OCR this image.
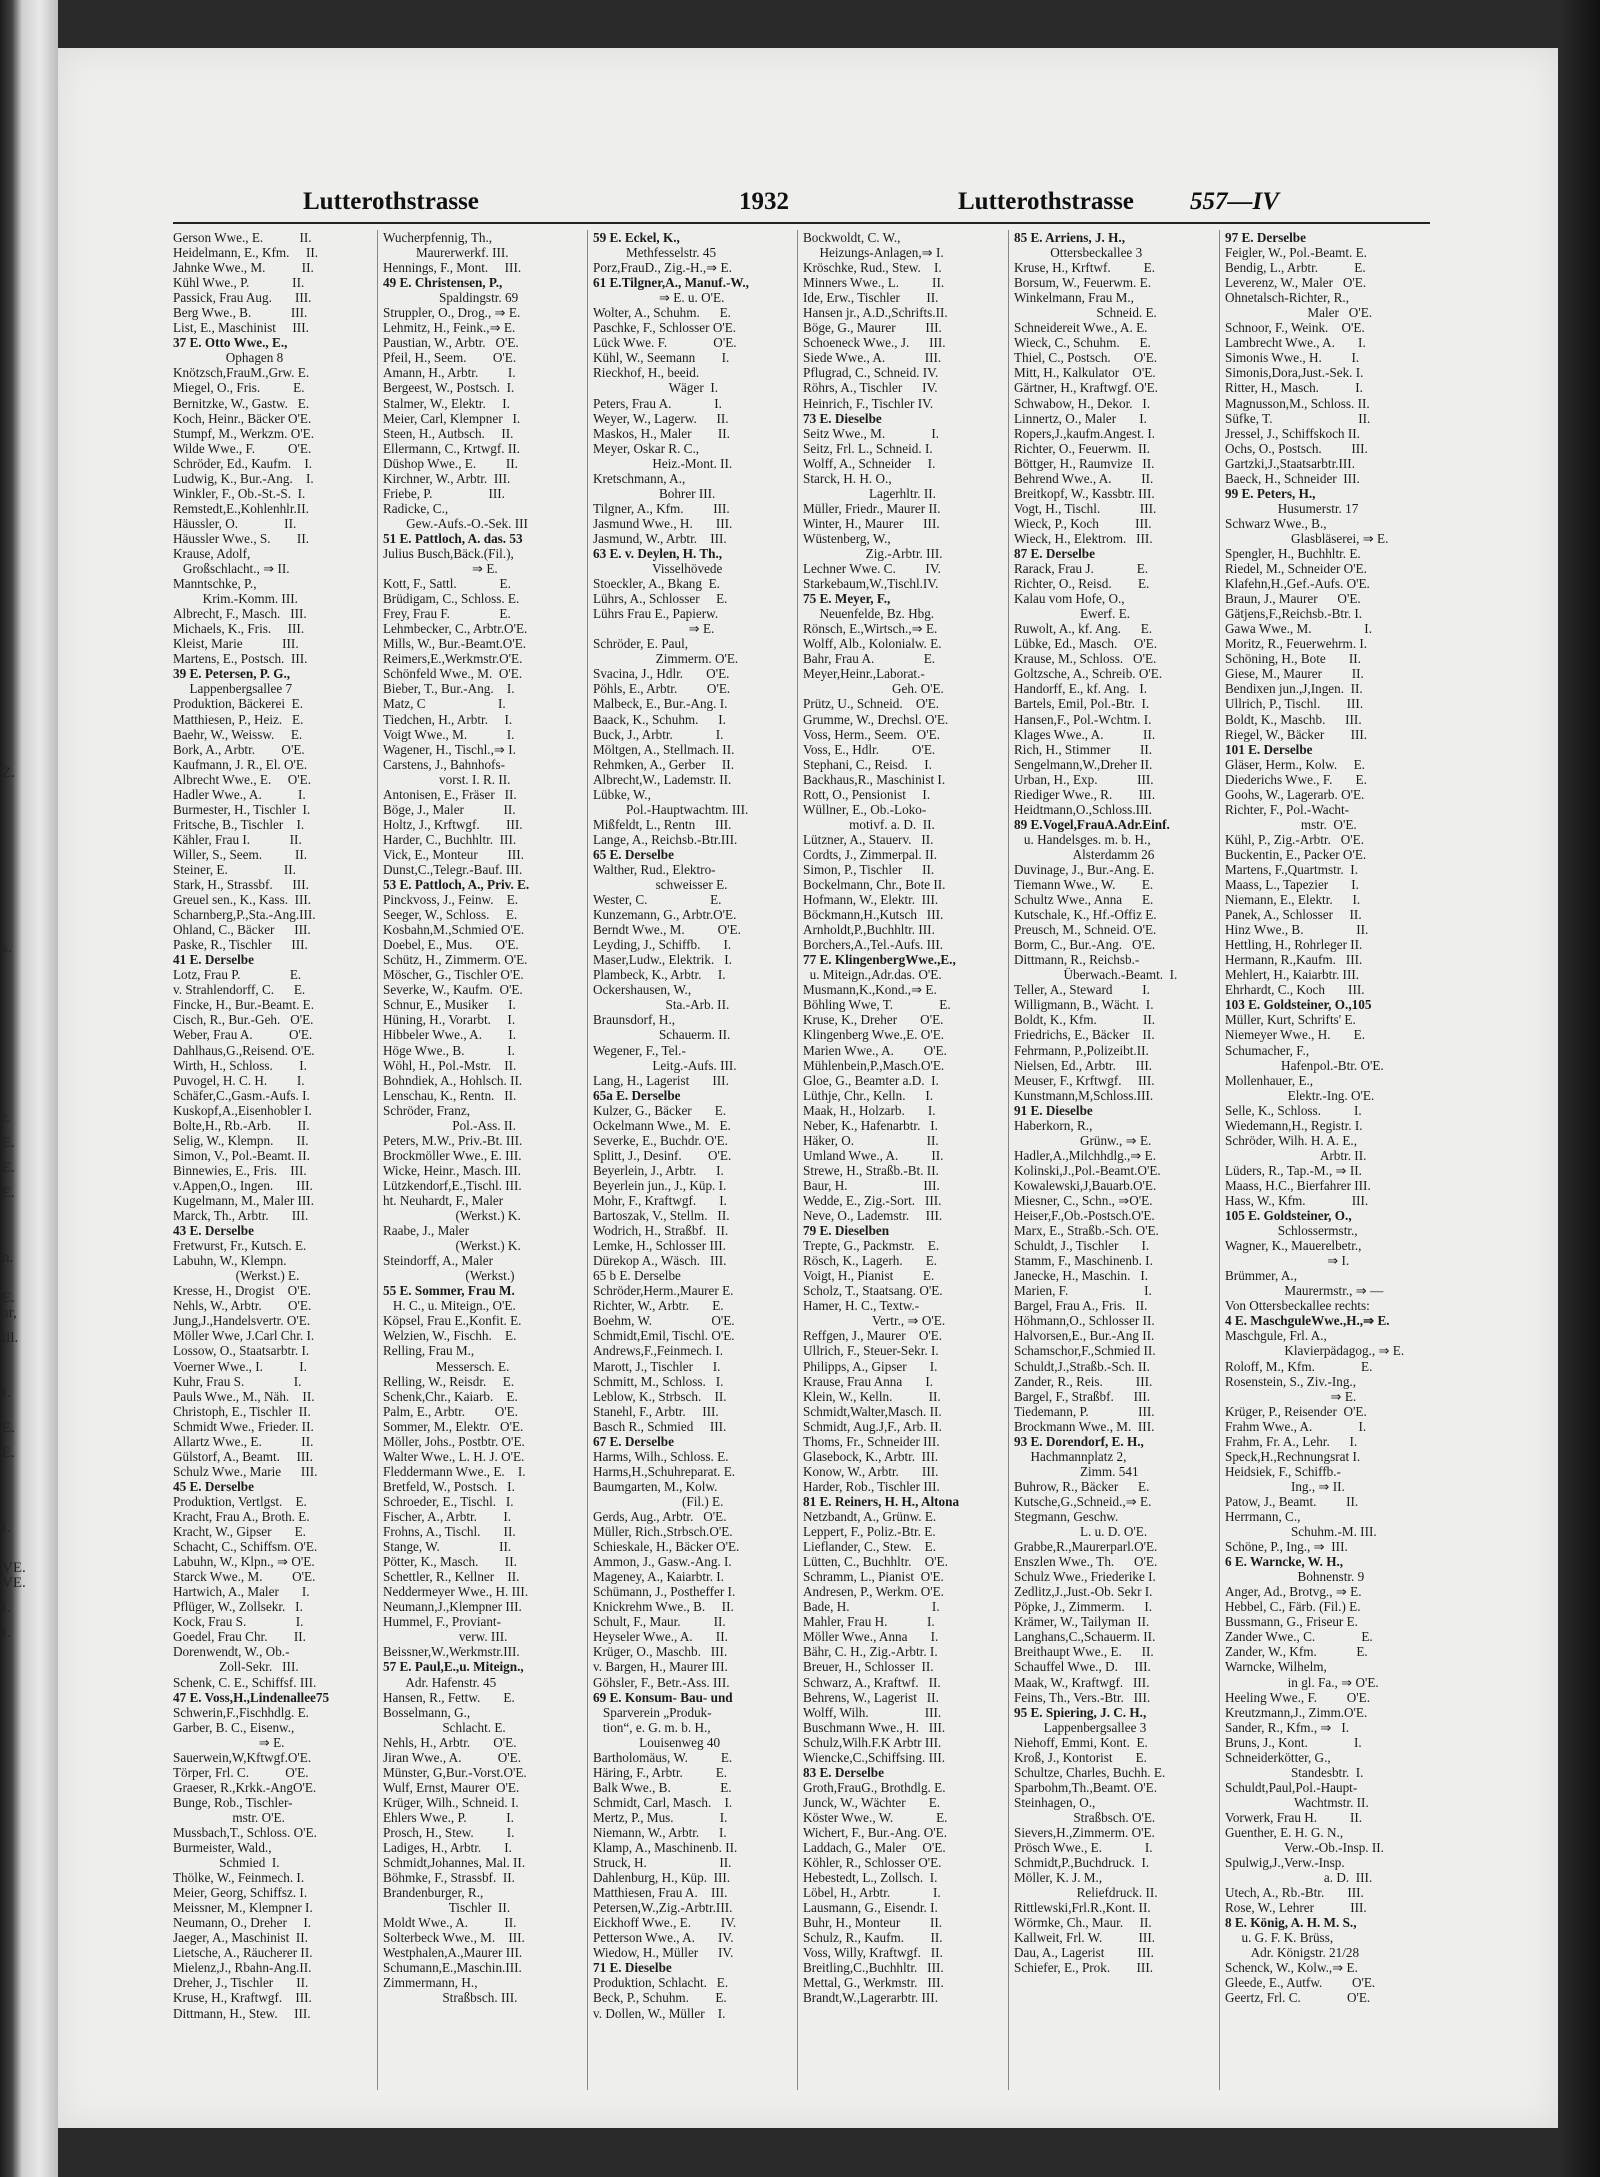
Z.
s.
r.
E.
E.
E.
h.
E.
ar,
ill.
I.
E.
E.
I.
VE.
VE.
I.
I.
Lutterothstrasse	1932	Lutterothstrasse 557—IV
Gerson Wwe., E.           II.
Heidelmann, E., Kfm.     II.
Jahnke Wwe., M.           II.
Kühl Wwe., P.             II.
Passick, Frau Aug.       III.
Berg Wwe., B.            III.
List, E., Maschinist     III.
37 E. Otto Wwe., E.,
Ophagen 8
Knötzsch,FrauM.,Grw. E.
Miegel, O., Fris.          E.
Bernitzke, W., Gastw.   E.
Koch, Heinr., Bäcker O'E.
Stumpf, M., Werkzm. O'E.
Wilde Wwe., F.          O'E.
Schröder, Ed., Kaufm.    I.
Ludwig, K., Bur.-Ang.    I.
Winkler, F., Ob.-St.-S.  I.
Remstedt,E.,Kohlenhlr.II.
Häussler, O.              II.
Häussler Wwe., S.        II.
Krause, Adolf,
Großschlacht., ⇒ II.
Manntschke, P.,
Krim.-Komm. III.
Albrecht, F., Masch.   III.
Michaels, K., Fris.     III.
Kleist, Marie            III.
Martens, E., Postsch.  III.
39 E. Petersen, P. G.,
Lappenbergsallee 7
Produktion, Bäckerei  E.
Matthiesen, P., Heiz.   E.
Baehr, W., Weissw.     E.
Bork, A., Arbtr.        O'E.
Kaufmann, J. R., El. O'E.
Albrecht Wwe., E.     O'E.
Hadler Wwe., A.           I.
Burmester, H., Tischler  I.
Fritsche, B., Tischler    I.
Kähler, Frau I.            II.
Willer, S., Seem.          II.
Steiner, E.                 II.
Stark, H., Strassbf.      III.
Greuel sen., K., Kass.  III.
Scharnberg,P.,Sta.-Ang.III.
Ohland, C., Bäcker      III.
Paske, R., Tischler      III.
41 E. Derselbe
Lotz, Frau P.               E.
v. Strahlendorff, C.      E.
Fincke, H., Bur.-Beamt. E.
Cisch, R., Bur.-Geh.   O'E.
Weber, Frau A.           O'E.
Dahlhaus,G.,Reisend. O'E.
Wirth, H., Schloss.        I.
Puvogel, H. C. H.         I.
Schäfer,C.,Gasm.-Aufs. I.
Kuskopf,A.,Eisenhobler I.
Bolte,H., Rb.-Arb.        II.
Selig, W., Klempn.       II.
Simon, V., Pol.-Beamt. II.
Binnewies, E., Fris.    III.
v.Appen,O., Ingen.       III.
Kugelmann, M., Maler III.
Marck, Th., Arbtr.       III.
43 E. Derselbe
Fretwurst, Fr., Kutsch. E.
Labuhn, W., Klempn.
(Werkst.) E.
Kresse, H., Drogist    O'E.
Nehls, W., Arbtr.        O'E.
Jung,J.,Handelsvertr. O'E.
Möller Wwe, J.Carl Chr. I.
Lossow, O., Staatsarbtr. I.
Voerner Wwe., I.           I.
Kuhr, Frau S.               I.
Pauls Wwe., M., Näh.    II.
Christoph, E., Tischler  II.
Schmidt Wwe., Frieder. II.
Allartz Wwe., E.            II.
Gülstorf, A., Beamt.     III.
Schulz Wwe., Marie      III.
45 E. Derselbe
Produktion, Vertlgst.    E.
Kracht, Frau A., Broth. E.
Kracht, W., Gipser       E.
Schacht, C., Schiffsm. O'E.
Labuhn, W., Klpn., ⇒ O'E.
Starck Wwe., M.         O'E.
Hartwich, A., Maler       I.
Pflüger, W., Zollsekr.   I.
Kock, Frau S.               I.
Goedel, Frau Chr.        II.
Dorenwendt, W., Ob.-
Zoll-Sekr.   III.
Schenk, C. E., Schiffsf. III.
47 E. Voss,H.,Lindenallee75
Schwerin,F.,Fischhdlg. E.
Garber, B. C., Eisenw.,
⇒ E.
Sauerwein,W,Kftwgf.O'E.
Törper, Frl. C.           O'E.
Graeser, R.,Krkk.-AngO'E.
Bunge, Rob., Tischler-
mstr. O'E.
Mussbach,T., Schloss. O'E.
Burmeister, Wald.,
Schmied  I.
Thölke, W., Feinmech. I.
Meier, Georg, Schiffsz. I.
Meissner, M., Klempner I.
Neumann, O., Dreher     I.
Jaeger, A., Maschinist  II.
Lietsche, A., Räucherer II.
Mielenz,J., Rbahn-Ang.II.
Dreher, J., Tischler       II.
Kruse, H., Kraftwgf.    III.
Dittmann, H., Stew.     III.
Wucherpfennig, Th.,
Maurerwerkf. III.
Hennings, F., Mont.     III.
49 E. Christensen, P.,
Spaldingstr. 69
Struppler, O., Drog., ⇒ E.
Lehmitz, H., Feink.,⇒ E.
Paustian, W., Arbtr.   O'E.
Pfeil, H., Seem.        O'E.
Amann, H., Arbtr.         I.
Bergeest, W., Postsch.  I.
Stalmer, W., Elektr.     I.
Meier, Carl, Klempner   I.
Steen, H., Autbsch.     II.
Ellermann, C., Krtwgf. II.
Düshop Wwe., E.         II.
Kirchner, W., Arbtr.  III.
Friebe, P.                 III.
Radicke, C.,
Gew.-Aufs.-O.-Sek. III
51 E. Pattloch, A. das. 53
Julius Busch,Bäck.(Fil.),
⇒ E.
Kott, F., Sattl.             E.
Brüdigam, C., Schloss. E.
Frey, Frau F.               E.
Lehmbecker, C., Arbtr.O'E.
Mills, W., Bur.-Beamt.O'E.
Reimers,E.,Werkmstr.O'E.
Schönfeld Wwe., M.  O'E.
Bieber, T., Bur.-Ang.    I.
Matz, C                      I.
Tiedchen, H., Arbtr.     I.
Voigt Wwe., M.            I.
Wagener, H., Tischl.,⇒ I.
Carstens, J., Bahnhofs-
vorst. I. R. II.
Antonisen, E., Fräser   II.
Böge, J., Maler            II.
Holtz, J., Krftwgf.        III.
Harder, C., Buchhltr.  III.
Vick, E., Monteur         III.
Dunst,C.,Telegr.-Bauf. III.
53 E. Pattloch, A., Priv. E.
Pinckvoss, J., Feinw.    E.
Seeger, W., Schloss.     E.
Kosbahn,M.,Schmied O'E.
Doebel, E., Mus.       O'E.
Schütz, H., Zimmerm. O'E.
Möscher, G., Tischler O'E.
Severke, W., Kaufm.  O'E.
Schnur, E., Musiker      I.
Hüning, H., Vorarbt.     I.
Hibbeler Wwe., A.        I.
Höge Wwe., B.             I.
Wöhl, H., Pol.-Mstr.    II.
Bohndiek, A., Hohlsch. II.
Lenschau, K., Rentn.   II.
Schröder, Franz,
Pol.-Ass. II.
Peters, M.W., Priv.-Bt. III.
Brockmöller Wwe., E. III.
Wicke, Heinr., Masch. III.
Lützkendorf,E.,Tischl. III.
ht. Neuhardt, F., Maler
(Werkst.) K.
Raabe, J., Maler
(Werkst.) K.
Steindorff, A., Maler
(Werkst.)
55 E. Sommer, Frau M.
H. C., u. Miteign., O'E.
Köpsel, Frau E.,Konfit. E.
Welzien, W., Fischh.    E.
Relling, Frau M.,
Messersch. E.
Relling, W., Reisdr.     E.
Schenk,Chr., Kaiarb.    E.
Palm, E., Arbtr.         O'E.
Sommer, M., Elektr.   O'E.
Möller, Johs., Postbtr. O'E.
Walter Wwe., L. H. J. O'E.
Fleddermann Wwe., E.    I.
Bretfeld, W., Postsch.   I.
Schroeder, E., Tischl.   I.
Fischer, A., Arbtr.        I.
Frohns, A., Tischl.       II.
Stange, W.                  II.
Pötter, K., Masch.        II.
Schettler, R., Kellner    II.
Neddermeyer Wwe., H. III.
Neumann,J.,Klempner III.
Hummel, F., Proviant-
verw. III.
Beissner,W.,Werkmstr.III.
57 E. Paul,E.,u. Miteign.,
Adr. Hafenstr. 45
Hansen, R., Fettw.       E.
Bosselmann, G.,
Schlacht. E.
Nehls, H., Arbtr.       O'E.
Jiran Wwe., A.           O'E.
Münster, G,Bur.-Vorst.O'E.
Wulf, Ernst, Maurer  O'E.
Krüger, Wilh., Schneid. I.
Ehlers Wwe., P.            I.
Prosch, H., Stew.          I.
Ladiges, H., Arbtr.       I.
Schmidt,Johannes, Mal. II.
Böhmke, F., Strassbf.  II.
Brandenburger, R.,
Tischler  II.
Moldt Wwe., A.           II.
Solterbeck Wwe., M.    III.
Westphalen,A.,Maurer III.
Schumann,E.,Maschin.III.
Zimmermann, H.,
Straßbsch. III.
59 E. Eckel, K.,
Methfesselstr. 45
Porz,FrauD., Zig.-H.,⇒ E.
61 E.Tilgner,A., Manuf.-W.,
⇒ E. u. O'E.
Wolter, A., Schuhm.      E.
Paschke, F., Schlosser O'E.
Lück Wwe. F.              O'E.
Kühl, W., Seemann        I.
Rieckhof, H., beeid.
Wäger  I.
Peters, Frau A.             I.
Weyer, W., Lagerw.      II.
Maskos, H., Maler        II.
Meyer, Oskar R. C.,
Heiz.-Mont. II.
Kretschmann, A.,
Bohrer III.
Tilgner, A., Kfm.         III.
Jasmund Wwe., H.       III.
Jasmund, W., Arbtr.    III.
63 E. v. Deylen, H. Th.,
Visselhövede
Stoeckler, A., Bkang  E.
Lührs, A., Schlosser     E.
Lührs Frau E., Papierw.
⇒ E.
Schröder, E. Paul,
Zimmerm. O'E.
Svacina, J., Hdlr.       O'E.
Pöhls, E., Arbtr.         O'E.
Malbeck, E., Bur.-Ang. I.
Baack, K., Schuhm.      I.
Buck, J., Arbtr.             I.
Möltgen, A., Stellmach. II.
Rehmken, A., Gerber     II.
Albrecht,W., Lademstr. II.
Lübke, W.,
Pol.-Hauptwachtm. III.
Mißfeldt, L., Rentn      III.
Lange, A., Reichsb.-Btr.III.
65 E. Derselbe
Walther, Rud., Elektro-
schweisser E.
Wester, C.                   E.
Kunzemann, G., Arbtr.O'E.
Berndt Wwe., M.          O'E.
Leyding, J., Schiffb.       I.
Maser,Ludw., Elektrik.   I.
Plambeck, K., Arbtr.     I.
Ockershausen, W.,
Sta.-Arb. II.
Braunsdorf, H.,
Schauerm. II.
Wegener, F., Tel.-
Leitg.-Aufs. III.
Lang, H., Lagerist       III.
65a E. Derselbe
Kulzer, G., Bäcker       E.
Ockelmann Wwe., M.   E.
Severke, E., Buchdr. O'E.
Splitt, J., Desinf.        O'E.
Beyerlein, J., Arbtr.      I.
Beyerlein jun., J., Küp. I.
Mohr, F., Kraftwgf.       I.
Bartoszak, V., Stellm.   II.
Wodrich, H., Straßbf.   II.
Lemke, H., Schlosser III.
Dürekop A., Wäsch.   III.
65 b E. Derselbe
Schröder,Herm.,Maurer E.
Richter, W., Arbtr.       E.
Boehm, W.                  O'E.
Schmidt,Emil, Tischl. O'E.
Andrews,F.,Feinmech. I.
Marott, J., Tischler      I.
Schmitt, M., Schloss.   I.
Leblow, K., Strbsch.    II.
Stanehl, F., Arbtr.     III.
Basch R., Schmied     III.
67 E. Derselbe
Harms, Wilh., Schloss. E.
Harms,H.,Schuhreparat. E.
Baumgarten, M., Kolw.
(Fil.) E.
Gerds, Aug., Arbtr.   O'E.
Müller, Rich.,Strbsch.O'E.
Schieskale, H., Bäcker O'E.
Ammon, J., Gasw.-Ang. I.
Mageney, A., Kaiarbtr. I.
Schümann, J., Postheffer I.
Knickrehm Wwe., B.     II.
Schult, F., Maur.          II.
Heyseler Wwe., A.       II.
Krüger, O., Maschb.   III.
v. Bargen, H., Maurer III.
Göhsler, F., Betr.-Ass. III.
69 E. Konsum- Bau- und
Sparverein „Produk-
tion“, e. G. m. b. H.,
Louisenweg 40
Bartholomäus, W.          E.
Häring, F., Arbtr.          E.
Balk Wwe., B.               E.
Schmidt, Carl, Masch.    I.
Mertz, P., Mus.              I.
Niemann, W., Arbtr.      I.
Klamp, A., Maschinenb. II.
Struck, H.                      II.
Dahlenburg, H., Küp.  III.
Matthiesen, Frau A.    III.
Petersen,W.,Zig.-Arbtr.III.
Eickhoff Wwe., E.         IV.
Petterson Wwe., A.       IV.
Wiedow, H., Müller      IV.
71 E. Dieselbe
Produktion, Schlacht.   E.
Beck, P., Schuhm.        E.
v. Dollen, W., Müller    I.
Bockwoldt, C. W.,
Heizungs-Anlagen,⇒ I.
Kröschke, Rud., Stew.    I.
Minners Wwe., L.          II.
Ide, Erw., Tischler        II.
Hansen jr., A.D.,Schrifts.II.
Böge, G., Maurer         III.
Schoeneck Wwe., J.      III.
Siede Wwe., A.            III.
Pflugrad, C., Schneid. IV.
Röhrs, A., Tischler      IV.
Heinrich, F., Tischler IV.
73 E. Dieselbe
Seitz Wwe., M.              I.
Seitz, Frl. L., Schneid. I.
Wolff, A., Schneider     I.
Starck, H. H. O.,
Lagerhltr. II.
Müller, Friedr., Maurer II.
Winter, H., Maurer      III.
Wüstenberg, W.,
Zig.-Arbtr. III.
Lechner Wwe. C.         IV.
Starkebaum,W.,Tischl.IV.
75 E. Meyer, F.,
Neuenfelde, Bz. Hbg.
Rönsch, E.,Wirtsch.,⇒ E.
Wolff, Alb., Kolonialw. E.
Bahr, Frau A.               E.
Meyer,Heinr.,Laborat.-
Geh. O'E.
Prütz, U., Schneid.    O'E.
Grumme, W., Drechsl. O'E.
Voss, Herm., Seem.   O'E.
Voss, E., Hdlr.          O'E.
Stephani, C., Reisd.     I.
Backhaus,R., Maschinist I.
Rott, O., Pensionist     I.
Wüllner, E., Ob.-Loko-
motivf. a. D.  II.
Lützner, A., Stauerv.   II.
Cordts, J., Zimmerpal. II.
Simon, P., Tischler      II.
Bockelmann, Chr., Bote II.
Hofmann, W., Elektr.  III.
Böckmann,H.,Kutsch   III.
Arnholdt,P.,Buchhltr. III.
Borchers,A.,Tel.-Aufs. III.
77 E. KlingenbergWwe.,E.,
u. Miteign.,Adr.das. O'E.
Musmann,K.,Kond.,⇒ E.
Böhling Wwe, T.              E.
Kruse, K., Dreher       O'E.
Klingenberg Wwe.,E. O'E.
Marien Wwe., A.         O'E.
Mühlenbein,P.,Masch.O'E.
Gloe, G., Beamter a.D.  I.
Lüthje, Chr., Kelln.      I.
Maak, H., Holzarb.       I.
Neber, K., Hafenarbtr.   I.
Häker, O.                      II.
Umland Wwe., A.          II.
Strewe, H., Straßb.-Bt. II.
Baur, H.                       III.
Wedde, E., Zig.-Sort.   III.
Neve, O., Lademstr.     III.
79 E. Dieselben
Trepte, G., Packmstr.    E.
Rösch, K., Lagerh.       E.
Voigt, H., Pianist         E.
Scholz, T., Staatsang. O'E.
Hamer, H. C., Textw.-
Vertr., ⇒ O'E.
Reffgen, J., Maurer    O'E.
Ullrich, F., Steuer-Sekr. I.
Philipps, A., Gipser       I.
Krause, Frau Anna       I.
Klein, W., Kelln.           II.
Schmidt,Walter,Masch. II.
Schmidt, Aug.J,F., Arb. II.
Thoms, Fr., Schneider III.
Glasebock, K., Arbtr.  III.
Konow, W., Arbtr.       III.
Harder, Rob., Tischler III.
81 E. Reiners, H. H., Altona
Netzbandt, A., Grünw. E.
Leppert, F., Poliz.-Btr. E.
Lieflander, C., Stew.    E.
Lütten, C., Buchhltr.    O'E.
Schramm, L., Pianist  O'E.
Andresen, P., Werkm. O'E.
Bade, H.                         I.
Mahler, Frau H.            I.
Möller Wwe., Anna       I.
Bähr, C. H., Zig.-Arbtr. I.
Breuer, H., Schlosser  II.
Schwarz, A., Kraftwf.   II.
Behrens, W., Lagerist   II.
Wolff, Wilh.                 III.
Buschmann Wwe., H.   III.
Schulz,Wilh.F.K Arbtr III.
Wiencke,C.,Schiffsing. III.
83 E. Derselbe
Groth,FrauG., Brothdlg. E.
Junck, W., Wächter       E.
Köster Wwe., W.             E.
Wichert, F., Bur.-Ang. O'E.
Laddach, G., Maler     O'E.
Köhler, R., Schlosser O'E.
Hebestedt, L., Zollsch.  I.
Löbel, H., Arbtr.             I.
Lausmann, G., Eisendr. I.
Buhr, H., Monteur         II.
Schulz, R., Kaufm.        II.
Voss, Willy, Kraftwgf.   II.
Breitling,C.,Buchhltr.   III.
Mettal, G., Werkmstr.   III.
Brandt,W.,Lagerarbtr. III.
85 E. Arriens, J. H.,
Ottersbeckallee 3
Kruse, H., Krftwf.          E.
Borsum, W., Feuerwm. E.
Winkelmann, Frau M.,
Schneid. E.
Schneidereit Wwe., A. E.
Wieck, C., Schuhm.      E.
Thiel, C., Postsch.       O'E.
Mitt, H., Kalkulator    O'E.
Gärtner, H., Kraftwgf. O'E.
Schwabow, H., Dekor.   I.
Linnertz, O., Maler       I.
Ropers,J.,kaufm.Angest. I.
Richter, O., Feuerwm.  II.
Böttger, H., Raumvize   II.
Behrend Wwe., A.         II.
Breitkopf, W., Kassbtr. III.
Vogt, H., Tischl.            III.
Wieck, P., Koch           III.
Wieck, H., Elektrom.   III.
87 E. Derselbe
Rarack, Frau J.             E.
Richter, O., Reisd.        E.
Kalau vom Hofe, O.,
Ewerf. E.
Ruwolt, A., kf. Ang.      E.
Lübke, Ed., Masch.     O'E.
Krause, M., Schloss.   O'E.
Goltzsche, A., Schreib. O'E.
Handorff, E., kf. Ang.   I.
Bartels, Emil, Pol.-Btr.  I.
Hansen,F., Pol.-Wchtm. I.
Klages Wwe., A.            II.
Rich, H., Stimmer         II.
Sengelmann,W.,Dreher II.
Urban, H., Exp.            III.
Riediger Wwe., R.        III.
Heidtmann,O.,Schloss.III.
89 E.Vogel,FrauA.Adr.Einf.
u. Handelsges. m. b. H.,
Alsterdamm 26
Duvinage, J., Bur.-Ang. E.
Tiemann Wwe., W.        E.
Schultz Wwe., Anna      E.
Kutschale, K., Hf.-Offiz E.
Preusch, M., Schneid. O'E.
Borm, C., Bur.-Ang.   O'E.
Dittmann, R., Reichsb.-
Überwach.-Beamt.  I.
Teller, A., Steward         I.
Willigmann, B., Wächt.  I.
Boldt, K., Kfm.              II.
Friedrichs, E., Bäcker    II.
Fehrmann, P.,Polizeibt.II.
Nielsen, Ed., Arbtr.      III.
Meuser, F., Krftwgf.     III.
Kunstmann,M,Schloss.III.
91 E. Dieselbe
Haberkorn, R.,
Grünw., ⇒ E.
Hadler,A.,Milchhdlg.,⇒ E.
Kolinski,J.,Pol.-Beamt.O'E.
Kowalewski,J,Bauarb.O'E.
Miesner, C., Schn., ⇒O'E.
Heiser,F.,Ob.-Postsch.O'E.
Marx, E., Straßb.-Sch. O'E.
Schuldt, J., Tischler       I.
Stamm, F., Maschinenb. I.
Janecke, H., Maschin.   I.
Marien, F.                       I.
Bargel, Frau A., Fris.   II.
Höhmann,O., Schlosser II.
Halvorsen,E., Bur.-Ang II.
Schamschor,F.,Schmied II.
Schuldt,J.,Straßb.-Sch. II.
Zander, R., Reis.          III.
Bargel, F., Straßbf.      III.
Tiedemann, P.               III.
Brockmann Wwe., M.  III.
93 E. Dorendorf, E. H.,
Hachmannplatz 2,
Zimm. 541
Buhrow, R., Bäcker      E.
Kutsche,G.,Schneid.,⇒ E.
Stegmann, Geschw.
L. u. D. O'E.
Grabbe,R.,Maurerparl.O'E.
Enszlen Wwe., Th.      O'E.
Schulz Wwe., Friederike I.
Zedlitz,J.,Just.-Ob. Sekr I.
Pöpke, J., Zimmerm.      I.
Krämer, W., Tailyman  II.
Langhans,C.,Schauerm. II.
Breithaupt Wwe., E.      II.
Schauffel Wwe., D.     III.
Maak, W., Kraftwgf.   III.
Feins, Th., Vers.-Btr.   III.
95 E. Spiering, J. C. H.,
Lappenbergsallee 3
Niehoff, Emmi, Kont.  E.
Kroß, J., Kontorist       E.
Schultze, Charles, Buchh. E.
Sparbohm,Th.,Beamt. O'E.
Steinhagen, O.,
Straßbsch. O'E.
Sievers,H.,Zimmerm. O'E.
Prösch Wwe., E.             I.
Schmidt,P.,Buchdruck.  I.
Möller, K. J. M.,
Reliefdruck. II.
Rittlewski,Frl.R.,Kont. II.
Wörmke, Ch., Maur.     II.
Kallweit, Frl. W.           III.
Dau, A., Lagerist          III.
Schiefer, E., Prok.        III.
97 E. Derselbe
Feigler, W., Pol.-Beamt. E.
Bendig, L., Arbtr.           E.
Leverenz, W., Maler   O'E.
Ohnetalsch-Richter, R.,
Maler   O'E.
Schnoor, F., Weink.    O'E.
Lambrecht Wwe., A.       I.
Simonis Wwe., H.         I.
Simonis,Dora,Just.-Sek. I.
Ritter, H., Masch.           I.
Magnusson,M., Schloss. II.
Süfke, T.                          II.
Jressel, J., Schiffskoch II.
Ochs, O., Postsch.         III.
Gartzki,J.,Staatsarbtr.III.
Baeck, H., Schneider  III.
99 E. Peters, H.,
Husumerstr. 17
Schwarz Wwe., B.,
Glasbläserei, ⇒ E.
Spengler, H., Buchhltr. E.
Riedel, M., Schneider O'E.
Klafehn,H.,Gef.-Aufs. O'E.
Braun, J., Maurer      O'E.
Gätjens,F.,Reichsb.-Btr. I.
Gawa Wwe., M.                I.
Moritz, R., Feuerwehrm. I.
Schöning, H., Bote       II.
Giese, M., Maurer         II.
Bendixen jun.,J,Ingen.  II.
Ullrich, P., Tischl.        III.
Boldt, K., Maschb.      III.
Riegel, W., Bäcker        III.
101 E. Derselbe
Gläser, Herm., Kolw.     E.
Diederichs Wwe., F.       E.
Goohs, W., Lagerarb. O'E.
Richter, F., Pol.-Wacht-
mstr.  O'E.
Kühl, P., Zig.-Arbtr.   O'E.
Buckentin, E., Packer O'E.
Martens, F.,Quartmstr.  I.
Maass, L., Tapezier       I.
Niemann, E., Elektr.      I.
Panek, A., Schlosser     II.
Hinz Wwe., B.                II.
Hettling, H., Rohrleger II.
Hermann, R.,Kaufm.   III.
Mehlert, H., Kaiarbtr. III.
Ehrhardt, C., Koch       III.
103 E. Goldsteiner, O.,105
Müller, Kurt, Schrifts' E.
Niemeyer Wwe., H.       E.
Schumacher, F.,
Hafenpol.-Btr. O'E.
Mollenhauer, E.,
Elektr.-Ing. O'E.
Selle, K., Schloss.          I.
Wiedemann,H., Registr. I.
Schröder, Wilh. H. A. E.,
Arbtr. II.
Lüders, R., Tap.-M., ⇒ II.
Maass, H.C., Bierfahrer III.
Hass, W., Kfm.              III.
105 E. Goldsteiner, O.,
Schlossermstr.,
Wagner, K., Mauerelbetr.,
⇒ I.
Brümmer, A.,
Maurermstr., ⇒ —
Von Ottersbeckallee rechts:
4 E. MaschguleWwe.,H.,⇒ E.
Maschgule, Frl. A.,
Klavierpädagog., ⇒ E.
Roloff, M., Kfm.              E.
Rosenstein, S., Ziv.-Ing.,
⇒ E.
Krüger, P., Reisender  O'E.
Frahm Wwe., A.              I.
Frahm, Fr. A., Lehr.      I.
Speck,H.,Rechnungsrat I.
Heidsiek, F., Schiffb.-
Ing., ⇒ II.
Patow, J., Beamt.         II.
Herrmann, C.,
Schuhm.-M. III.
Schöne, P., Ing., ⇒  III.
6 E. Warncke, W. H.,
Bohnenstr. 9
Anger, Ad., Brotvg., ⇒ E.
Hebbel, C., Färb. (Fil.) E.
Bussmann, G., Friseur E.
Zander Wwe., C.              E.
Zander, W., Kfm.            E.
Warncke, Wilhelm,
in gl. Fa., ⇒ O'E.
Heeling Wwe., F.         O'E.
Kreutzmann,J., Zimm.O'E.
Sander, R., Kfm., ⇒   I.
Bruns, J., Kont.              I.
Schneiderkötter, G.,
Standesbtr.  I.
Schuldt,Paul,Pol.-Haupt-
Wachtmstr. II.
Vorwerk, Frau H.          II.
Guenther, E. H. G. N.,
Verw.-Ob.-Insp. II.
Spulwig,J.,Verw.-Insp.
a. D.  III.
Utech, A., Rb.-Btr.       III.
Rose, W., Lehrer           III.
8 E. König, A. H. M. S.,
u. G. F. K. Brüss,
Adr. Königstr. 21/28
Schenck, W., Kolw.,⇒ E.
Gleede, E., Autfw.         O'E.
Geertz, Frl. C.              O'E.
